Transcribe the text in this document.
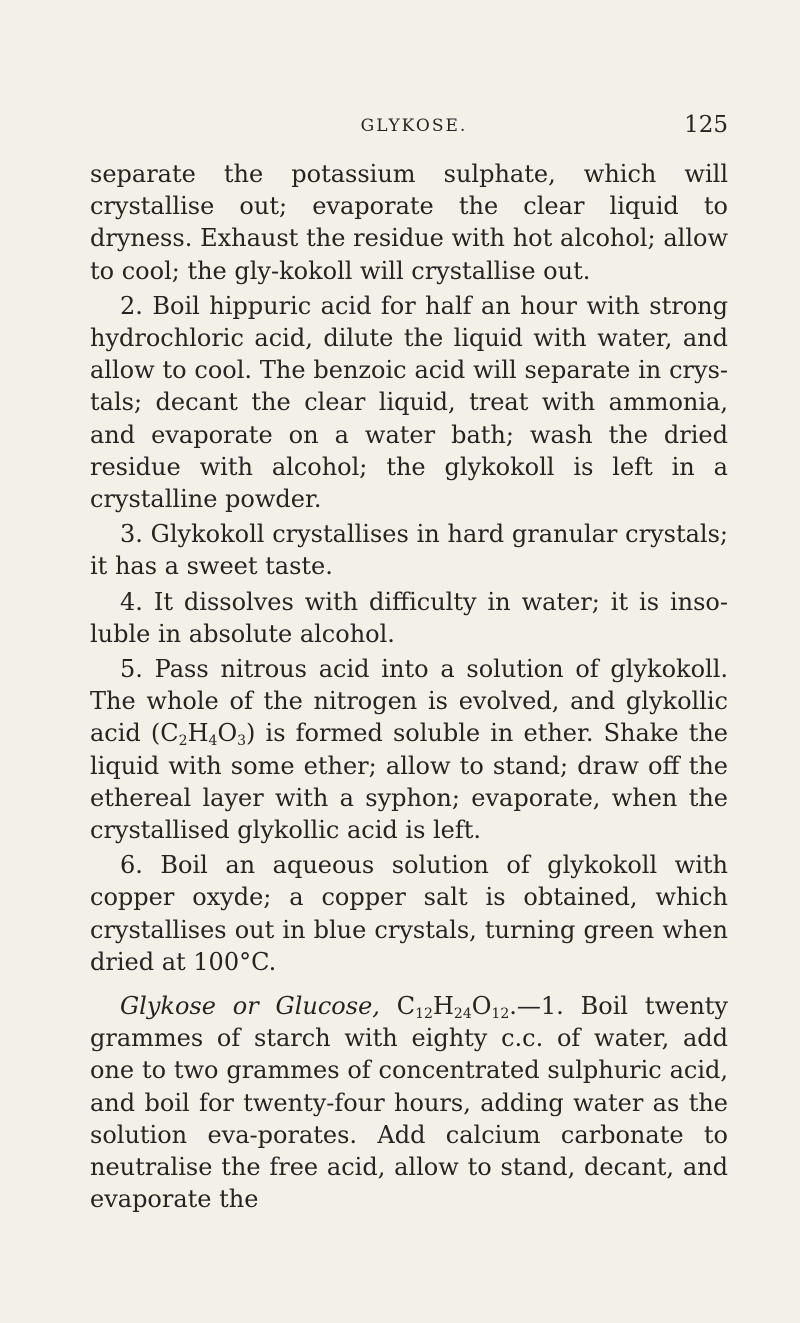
GLYKOSE.	125

separate the potassium sulphate, which will crystallise out; evaporate the clear liquid to dryness. Exhaust the residue with hot alcohol; allow to cool; the gly-kokoll will crystallise out.

2. Boil hippuric acid for half an hour with strong hydrochloric acid, dilute the liquid with water, and allow to cool. The benzoic acid will separate in crys-tals; decant the clear liquid, treat with ammonia, and evaporate on a water bath; wash the dried residue with alcohol; the glykokoll is left in a crystalline powder.

3. Glykokoll crystallises in hard granular crystals; it has a sweet taste.

4. It dissolves with difficulty in water; it is inso-luble in absolute alcohol.

5. Pass nitrous acid into a solution of glykokoll. The whole of the nitrogen is evolved, and glykollic acid $(C_2H_4O_3)$ is formed soluble in ether. Shake the liquid with some ether; allow to stand; draw off the ethereal layer with a syphon; evaporate, when the crystallised glykollic acid is left.

6. Boil an aqueous solution of glykokoll with copper oxyde; a copper salt is obtained, which crystallises out in blue crystals, turning green when dried at 100°C.

Glykose or Glucose, $C_{12}H_{24}O_{12}.—1$. Boil twenty grammes of starch with eighty c.c. of water, add one to two grammes of concentrated sulphuric acid, and boil for twenty-four hours, adding water as the solution eva-porates. Add calcium carbonate to neutralise the free acid, allow to stand, decant, and evaporate the
